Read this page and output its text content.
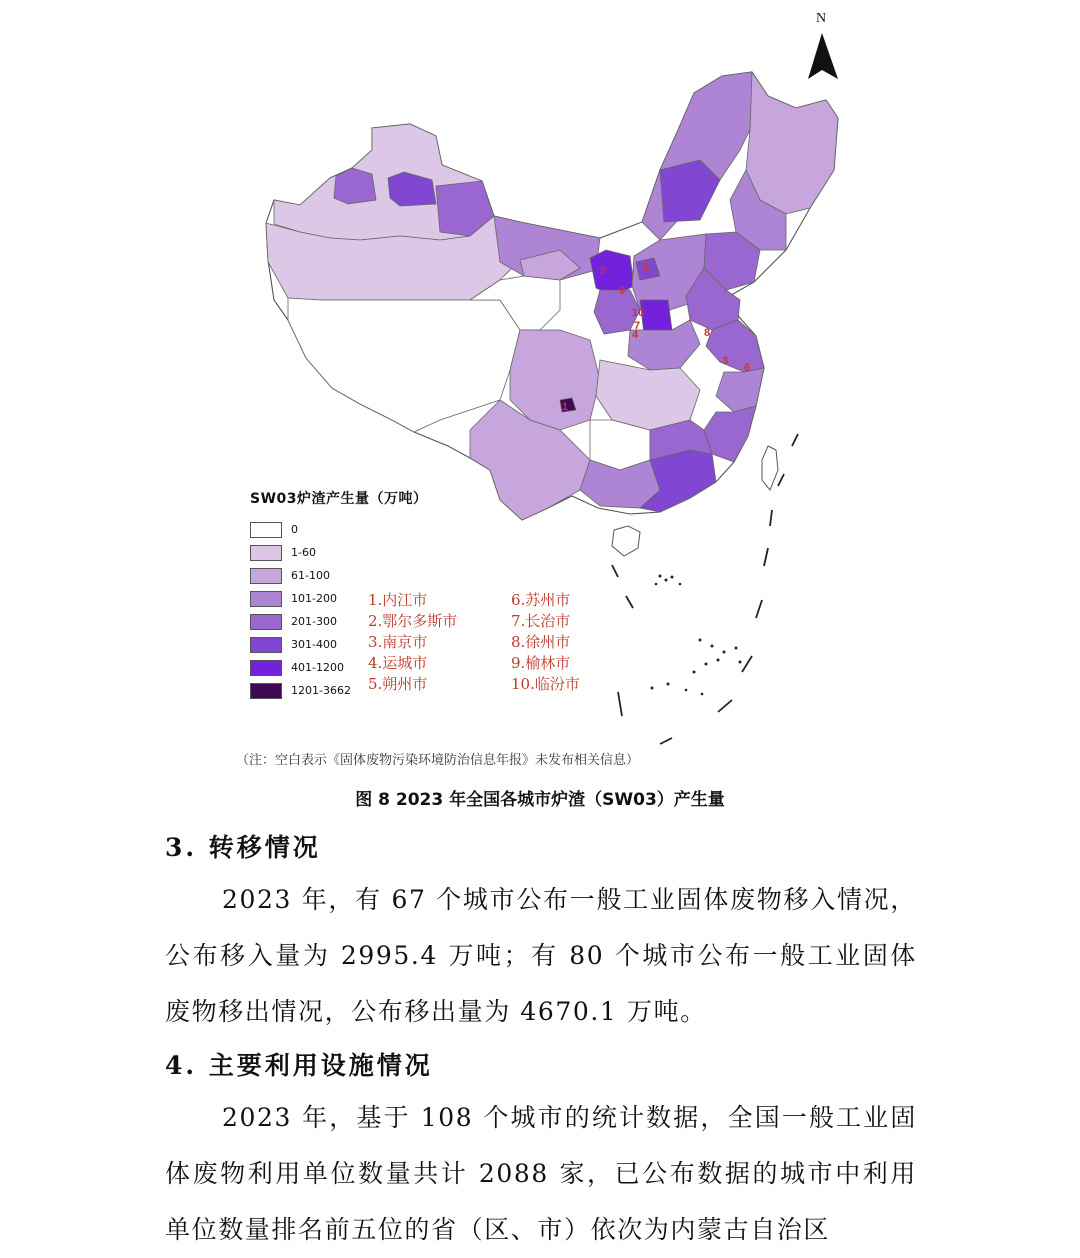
N
2	5
9
10
7
4	8
3
6
1
SW03炉渣产生量（万吨）
0
1-60
61-100
101-200
201-300
301-400
401-1200
1201-3662
1.内江市
2.鄂尔多斯市
3.南京市
4.运城市
5.朔州市
6.苏州市
7.长治市
8.徐州市
9.榆林市
10.临汾市
（注：空白表示《固体废物污染环境防治信息年报》未发布相关信息）
图 8 2023 年全国各城市炉渣（SW03）产生量
3. 转移情况
2023 年，有 67 个城市公布一般工业固体废物移入情况，公布移入量为 2995.4 万吨；有 80 个城市公布一般工业固体废物移出情况，公布移出量为 4670.1 万吨。
4. 主要利用设施情况
2023 年，基于 108 个城市的统计数据，全国一般工业固体废物利用单位数量共计 2088 家，已公布数据的城市中利用单位数量排名前五位的省（区、市）依次为内蒙古自治区
